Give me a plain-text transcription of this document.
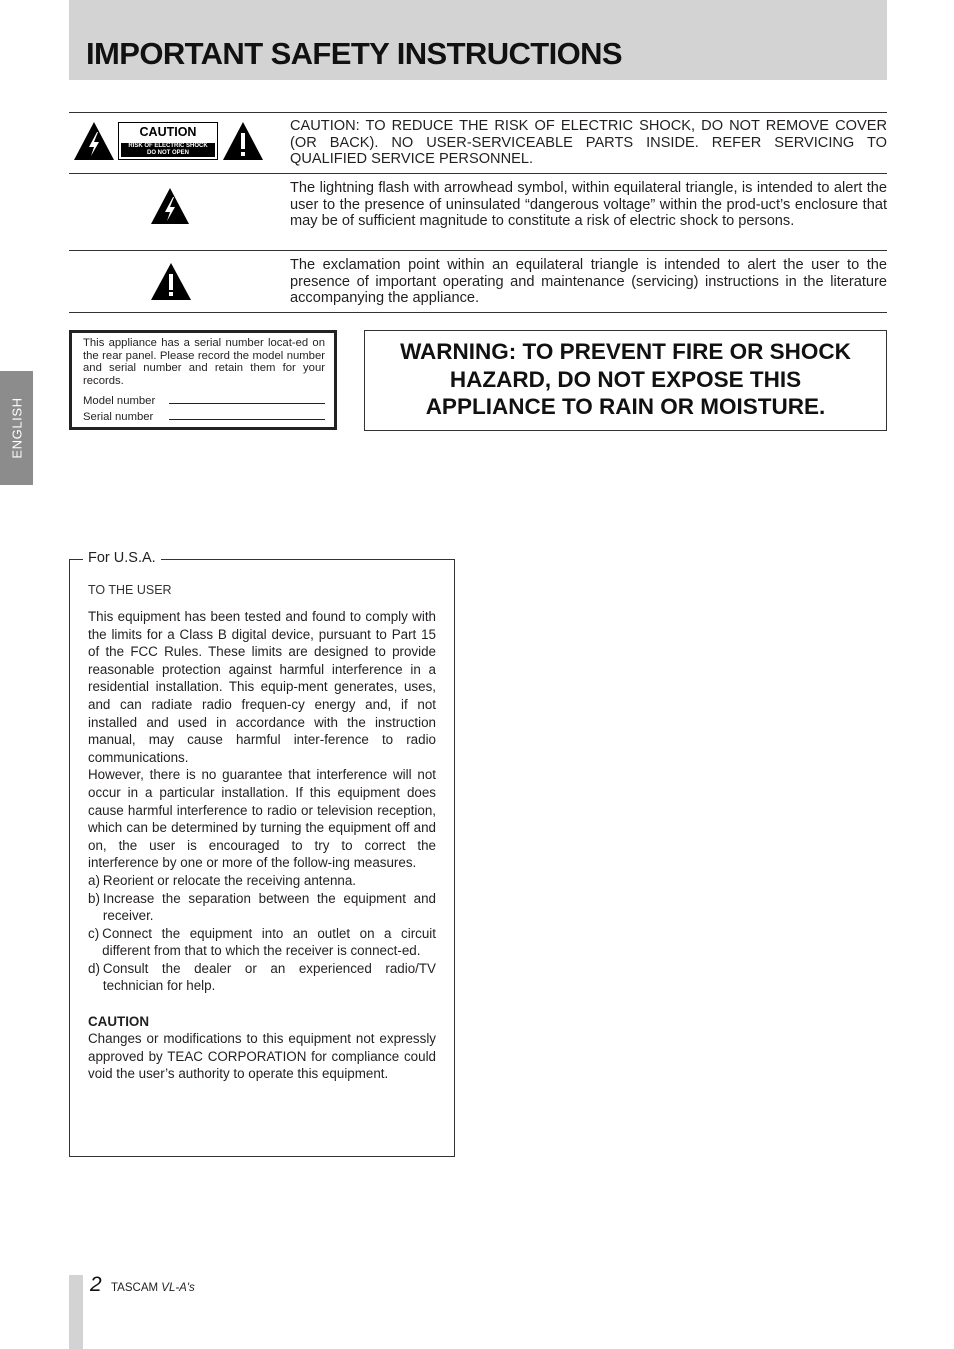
IMPORTANT SAFETY INSTRUCTIONS
ENGLISH
CAUTION
RISK OF ELECTRIC SHOCK
DO NOT OPEN
CAUTION: TO REDUCE THE RISK OF ELECTRIC SHOCK, DO NOT REMOVE COVER (OR BACK). NO USER-SERVICEABLE PARTS INSIDE. REFER SERVICING TO QUALIFIED SERVICE PERSONNEL.
The lightning flash with arrowhead symbol, within equilateral triangle, is intended to alert the user to the presence of uninsulated “dangerous voltage” within the prod-uct’s enclosure that may be of sufficient magnitude to constitute a risk of electric shock to persons.
The exclamation point within an equilateral triangle is intended to alert the user to the presence of important operating and maintenance (servicing) instructions in the literature accompanying the appliance.
This appliance has a serial number locat-ed on the rear panel. Please record the model number and serial number and retain them for your records.
Model number
Serial number
WARNING: TO PREVENT FIRE OR SHOCK
HAZARD, DO NOT EXPOSE THIS
APPLIANCE TO RAIN OR MOISTURE.
For U.S.A.
TO THE USER

This equipment has been tested and found to comply with the limits for a Class B digital device, pursuant to Part 15 of the FCC Rules. These limits are designed to provide reasonable protection against harmful interference in a residential installation. This equip-ment generates, uses, and can radiate radio frequen-cy energy and, if not installed and used in accordance with the instruction manual, may cause harmful inter-ference to radio communications.

However, there is no guarantee that interference will not occur in a particular installation. If this equipment does cause harmful interference to radio or television reception, which can be determined by turning the equipment off and on, the user is encouraged to try to correct the interference by one or more of the follow-ing measures.

a) Reorient or relocate the receiving antenna.
b) Increase the separation between the equipment and receiver.
c) Connect the equipment into an outlet on a circuit different from that to which the receiver is connect-ed.
d) Consult the dealer or an experienced radio/TV technician for help.

CAUTION

Changes or modifications to this equipment not expressly approved by TEAC CORPORATION for compliance could void the user’s authority to operate this equipment.

2 TASCAM VL-A's
